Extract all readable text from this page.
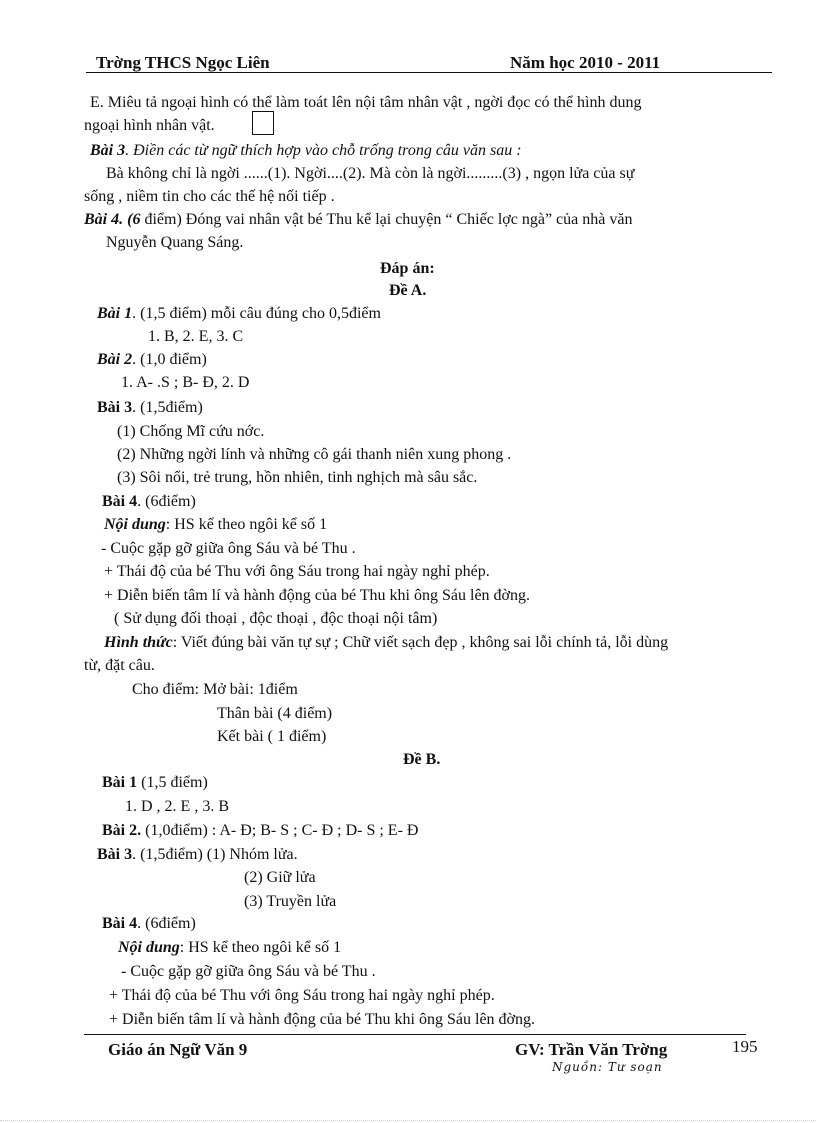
Trờng THCS Ngọc Liên	Năm học 2010 - 2011
E. Miêu tả ngoại hình có thể làm toát lên nội tâm nhân vật , ngời đọc có thể hình dung
ngoại hình nhân vật.
Bài 3. Điền các từ ngữ thích hợp vào chỗ trống trong câu văn sau :
Bà không chỉ là ngời ......(1). Ngời....(2). Mà còn là ngời.........(3) , ngọn lửa của sự
sống , niềm tin cho các thế hệ nối tiếp .
Bài 4. (6 điểm) Đóng vai nhân vật bé Thu kể lại chuyện “ Chiếc lợc ngà” của nhà văn
Nguyễn Quang Sáng.
Đáp án:
Đề A.
Bài 1. (1,5 điểm) mỗi câu đúng cho 0,5điểm
1. B, 2. E, 3. C
Bài 2. (1,0 điểm)
1. A- .S ; B- Đ, 2. D
Bài 3. (1,5điểm)
(1) Chống Mĩ cứu nớc.
(2) Những ngời lính và những cô gái thanh niên xung phong .
(3) Sôi nổi, trẻ trung, hồn nhiên, tinh nghịch mà sâu sắc.
Bài 4. (6điểm)
Nội dung: HS kể theo ngôi kể số 1
- Cuộc gặp gỡ giữa ông Sáu và bé Thu .
+ Thái độ của bé Thu với ông Sáu trong hai ngày nghỉ phép.
+ Diễn biến tâm lí và hành động của bé Thu khi ông Sáu lên đờng.
( Sử dụng đối thoại , độc thoại , độc thoại nội tâm)
Hình thức: Viết đúng bài văn tự sự ; Chữ viết sạch đẹp , không sai lỗi chính tả, lỗi dùng
từ, đặt câu.
Cho điểm: Mở bài: 1điểm
Thân bài (4 điểm)
Kết bài ( 1 điểm)
Đề B.
Bài 1 (1,5 điểm)
1. D , 2. E , 3. B
Bài 2. (1,0điểm) : A- Đ; B- S ; C- Đ ; D- S ; E- Đ
Bài 3. (1,5điểm) (1) Nhóm lửa.
(2) Giữ lửa
(3) Truyền lửa
Bài 4. (6điểm)
Nội dung: HS kể theo ngôi kể số 1
- Cuộc gặp gỡ giữa ông Sáu và bé Thu .
+ Thái độ của bé Thu với ông Sáu trong hai ngày nghỉ phép.
+ Diễn biến tâm lí và hành động của bé Thu khi ông Sáu lên đờng.
Giáo án Ngữ Văn 9	GV: Trần Văn Trờng	195
Nguồn: Tư soạn
